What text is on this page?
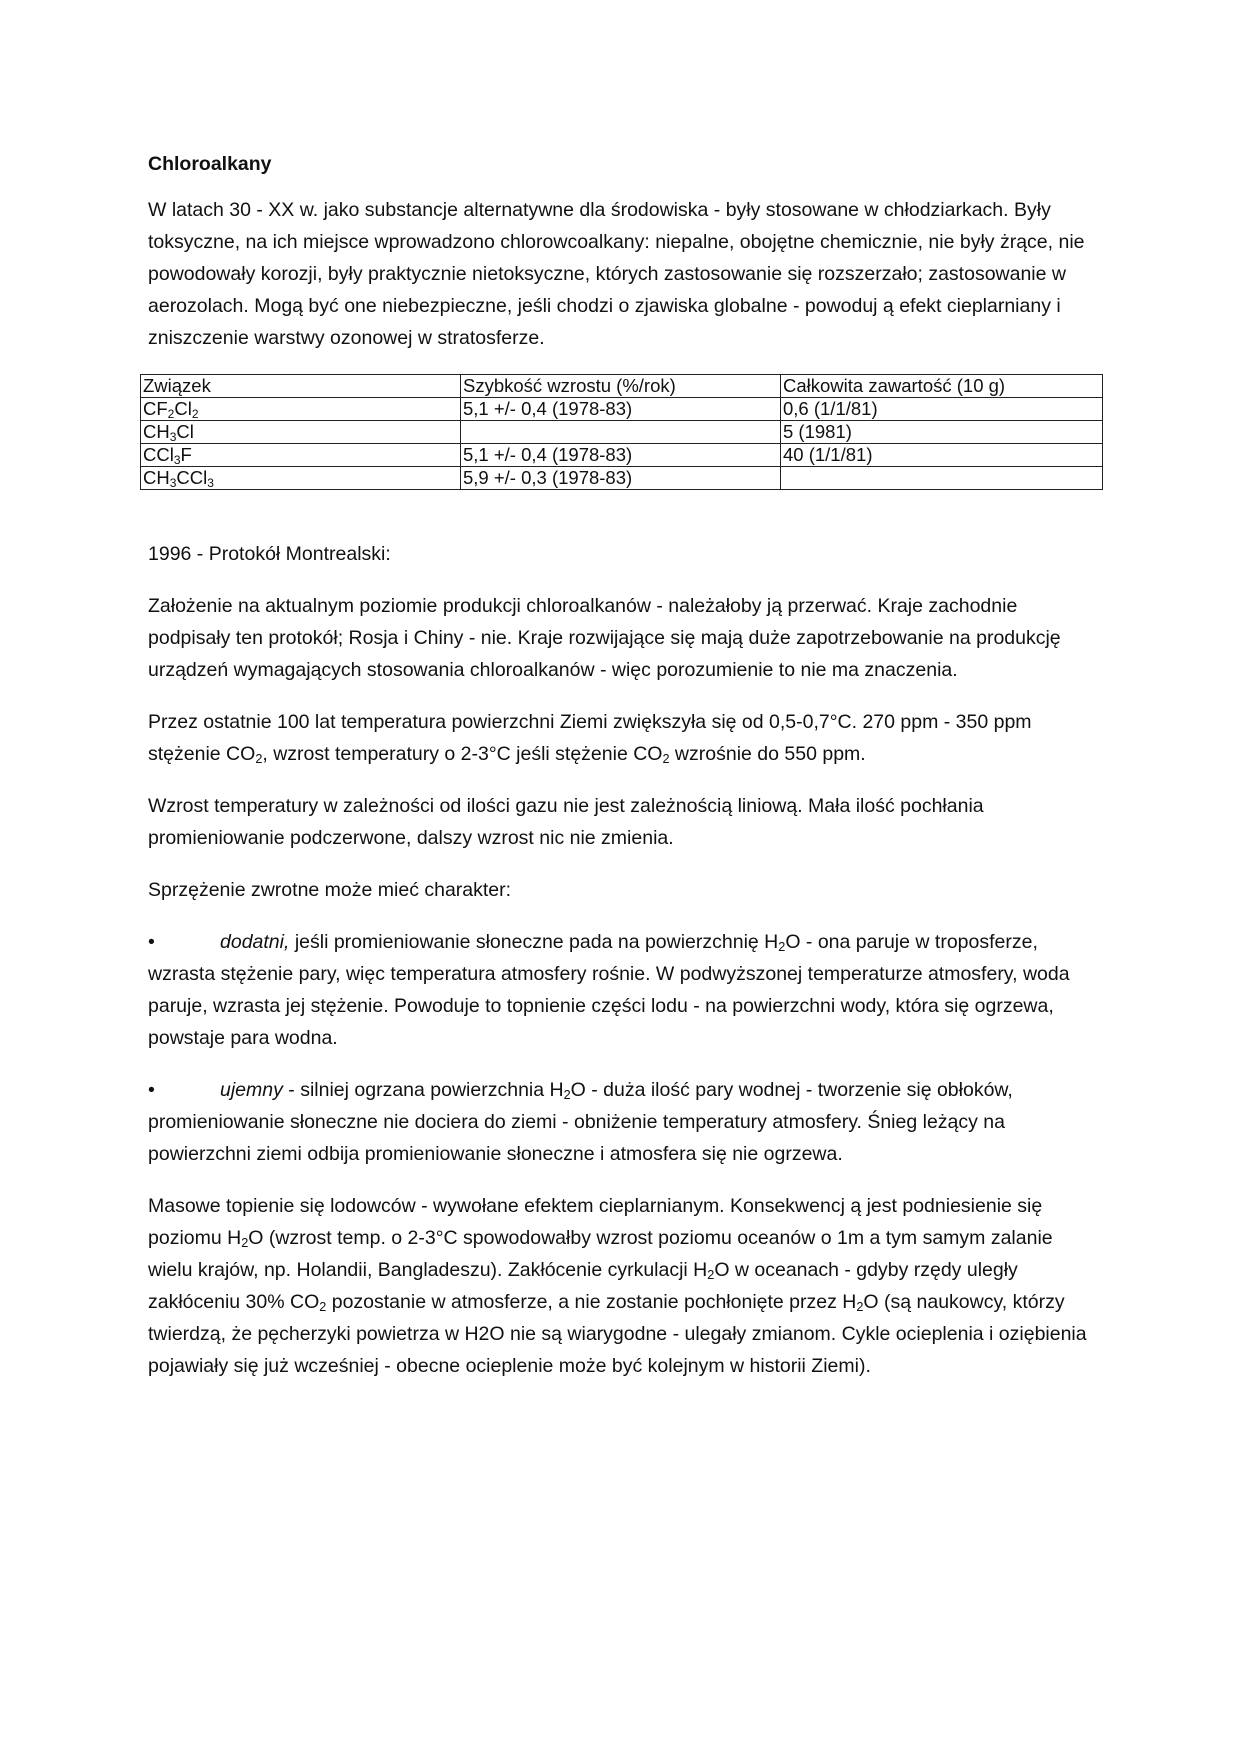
Chloroalkany

W latach 30 - XX w. jako substancje alternatywne dla środowiska - były stosowane w chłodziarkach. Były toksyczne, na ich miejsce wprowadzono chlorowcoalkany: niepalne, obojętne chemicznie, nie były żrące, nie powodowały korozji, były praktycznie nietoksyczne, których zastosowanie się rozszerzało; zastosowanie w aerozolach. Mogą być one niebezpieczne, jeśli chodzi o zjawiska globalne - powoduj ą efekt cieplarniany i zniszczenie warstwy ozonowej w stratosferze.

Związek	Szybkość wzrostu (%/rok)	Całkowita zawartość (10 g)
$CF_2Cl_2$	5,1 +/- 0,4 (1978-83)	0,6 (1/1/81)
$CH_3Cl$		5 (1981)
CCl$_3$F	5,1 +/- 0,4 (1978-83)	40 (1/1/81)
$CH_3CCl_3$	5,9 +/- 0,3 (1978-83)	

1996 - Protokół Montrealski:

Założenie na aktualnym poziomie produkcji chloroalkanów - należałoby ją przerwać. Kraje zachodnie podpisały ten protokół; Rosja i Chiny - nie. Kraje rozwijające się mają duże zapotrzebowanie na produkcję urządzeń wymagających stosowania chloroalkanów - więc porozumienie to nie ma znaczenia.

Przez ostatnie 100 lat temperatura powierzchni Ziemi zwiększyła się od 0,5-0,7°C. 270 ppm - 350 ppm stężenie $CO_2$, wzrost temperatury o 2-3°C jeśli stężenie $CO_2$ wzrośnie do 550 ppm.

Wzrost temperatury w zależności od ilości gazu nie jest zależnością liniową. Mała ilość pochłania promieniowanie podczerwone, dalszy wzrost nic nie zmienia.

Sprzężenie zwrotne może mieć charakter:

•	dodatni, jeśli promieniowanie słoneczne pada na powierzchnię $H_2O$ - ona paruje w troposferze, wzrasta stężenie pary, więc temperatura atmosfery rośnie. W podwyższonej temperaturze atmosfery, woda paruje, wzrasta jej stężenie. Powoduje to topnienie części lodu - na powierzchni wody, która się ogrzewa, powstaje para wodna.

•	ujemny - silniej ogrzana powierzchnia $H_2O$ - duża ilość pary wodnej - tworzenie się obłoków, promieniowanie słoneczne nie dociera do ziemi - obniżenie temperatury atmosfery. Śnieg leżący na powierzchni ziemi odbija promieniowanie słoneczne i atmosfera się nie ogrzewa.

Masowe topienie się lodowców - wywołane efektem cieplarnianym. Konsekwencj ą jest podniesienie się poziomu $H_2O$ (wzrost temp. o 2-3°C spowodowałby wzrost poziomu oceanów o 1m a tym samym zalanie wielu krajów, np. Holandii, Bangladeszu). Zakłócenie cyrkulacji $H_2O$ w oceanach - gdyby rzędy uległy zakłóceniu 30% $CO_2$ pozostanie w atmosferze, a nie zostanie pochłonięte przez $H_2O$ (są naukowcy, którzy twierdzą, że pęcherzyki powietrza w H2O nie są wiarygodne - ulegały zmianom. Cykle ocieplenia i oziębienia pojawiały się już wcześniej - obecne ocieplenie może być kolejnym w historii Ziemi).
